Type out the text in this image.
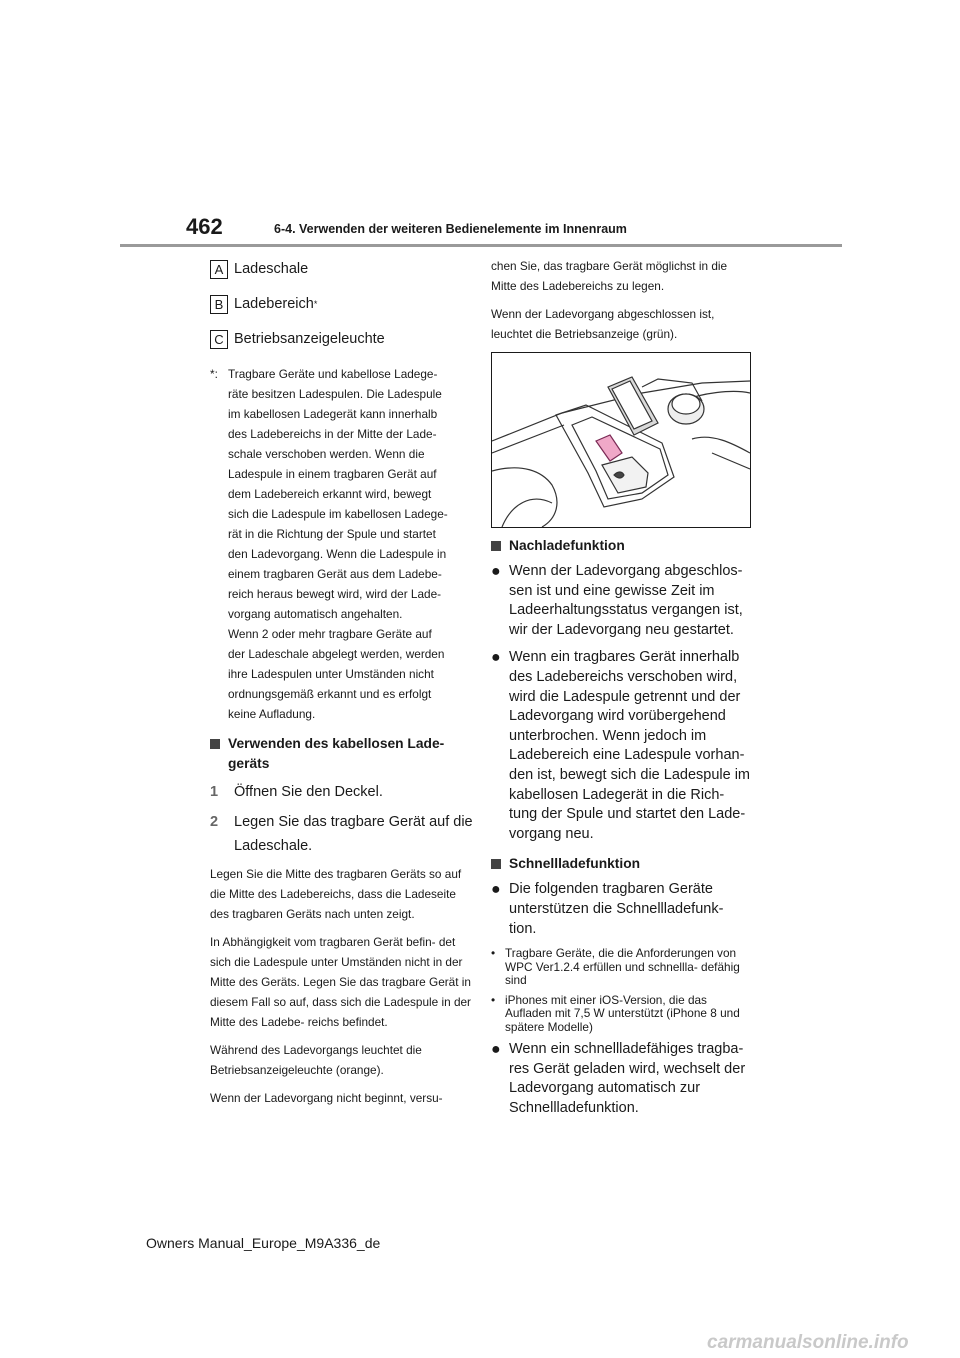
462	6-4. Verwenden der weiteren Bedienelemente im Innenraum
A Ladeschale
B Ladebereich *
C Betriebsanzeigeleuchte
*: Tragbare Geräte und kabellose Ladege-
räte besitzen Ladespulen. Die Ladespule
im kabellosen Ladegerät kann innerhalb
des Ladebereichs in der Mitte der Lade-
schale verschoben werden. Wenn die
Ladespule in einem tragbaren Gerät auf
dem Ladebereich erkannt wird, bewegt
sich die Ladespule im kabellosen Ladege-
rät in die Richtung der Spule und startet
den Ladevorgang. Wenn die Ladespule in
einem tragbaren Gerät aus dem Ladebe-
reich heraus bewegt wird, wird der Lade-
vorgang automatisch angehalten.
Wenn 2 oder mehr tragbare Geräte auf
der Ladeschale abgelegt werden, werden
ihre Ladespulen unter Umständen nicht
ordnungsgemäß erkannt und es erfolgt
keine Aufladung.
Verwenden des kabellosen Lade- geräts
1	Öffnen Sie den Deckel.
2	Legen Sie das tragbare Gerät auf die Ladeschale.

Legen Sie die Mitte des tragbaren Geräts so auf die Mitte des Ladebereichs, dass die Ladeseite des tragbaren Geräts nach unten zeigt.

In Abhängigkeit vom tragbaren Gerät befin- det sich die Ladespule unter Umständen nicht in der Mitte des Geräts. Legen Sie das tragbare Gerät in diesem Fall so auf, dass sich die Ladespule in der Mitte des Ladebe- reichs befindet.

Während des Ladevorgangs leuchtet die Betriebsanzeigeleuchte (orange).

Wenn der Ladevorgang nicht beginnt, versu-

chen Sie, das tragbare Gerät möglichst in die Mitte des Ladebereichs zu legen.

Wenn der Ladevorgang abgeschlossen ist, leuchtet die Betriebsanzeige (grün).

Nachladefunktion
● Wenn der Ladevorgang abgeschlos- sen ist und eine gewisse Zeit im Ladeerhaltungsstatus vergangen ist, wir der Ladevorgang neu gestartet.
● Wenn ein tragbares Gerät innerhalb des Ladebereichs verschoben wird, wird die Ladespule getrennt und der Ladevorgang wird vorübergehend unterbrochen. Wenn jedoch im Ladebereich eine Ladespule vorhan- den ist, bewegt sich die Ladespule im kabellosen Ladegerät in die Rich- tung der Spule und startet den Lade- vorgang neu.
Schnellladefunktion
● Die folgenden tragbaren Geräte unterstützen die Schnellladefunk- tion.
• Tragbare Geräte, die die Anforderungen von WPC Ver1.2.4 erfüllen und schnellla- defähig sind
• iPhones mit einer iOS-Version, die das Aufladen mit 7,5 W unterstützt (iPhone 8 und spätere Modelle)
● Wenn ein schnellladefähiges tragba- res Gerät geladen wird, wechselt der Ladevorgang automatisch zur Schnellladefunktion.
Owners Manual_Europe_M9A336_de
carmanualsonline.info
